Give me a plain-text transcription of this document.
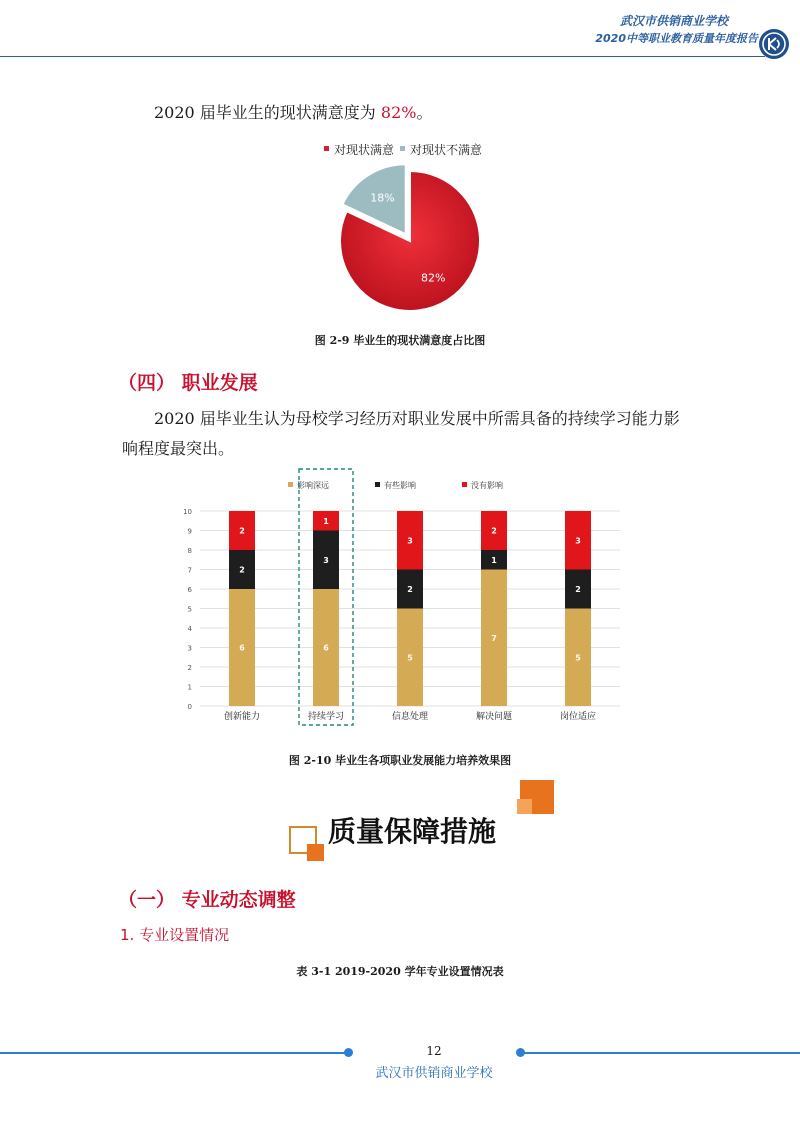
武汉市供销商业学校
2020中等职业教育质量年度报告
2020 届毕业生的现状满意度为 82%。
对现状满意 对现状不满意
82%
18%
图 2-9 毕业生的现状满意度占比图
（四） 职业发展
2020 届毕业生认为母校学习经历对职业发展中所需具备的持续学习能力影
响程度最突出。
0
1
2
3
4
5
6
7
8
9
10
影响深远	有些影响	没有影响
6
2
2
6
3
1
5
2
3
7
1
2
5
2
3
创新能力	持续学习	信息处理	解决问题	岗位适应
图 2-10 毕业生各项职业发展能力培养效果图
质量保障措施
（一） 专业动态调整
1. 专业设置情况
表 3-1 2019-2020 学年专业设置情况表
12
武汉市供销商业学校
